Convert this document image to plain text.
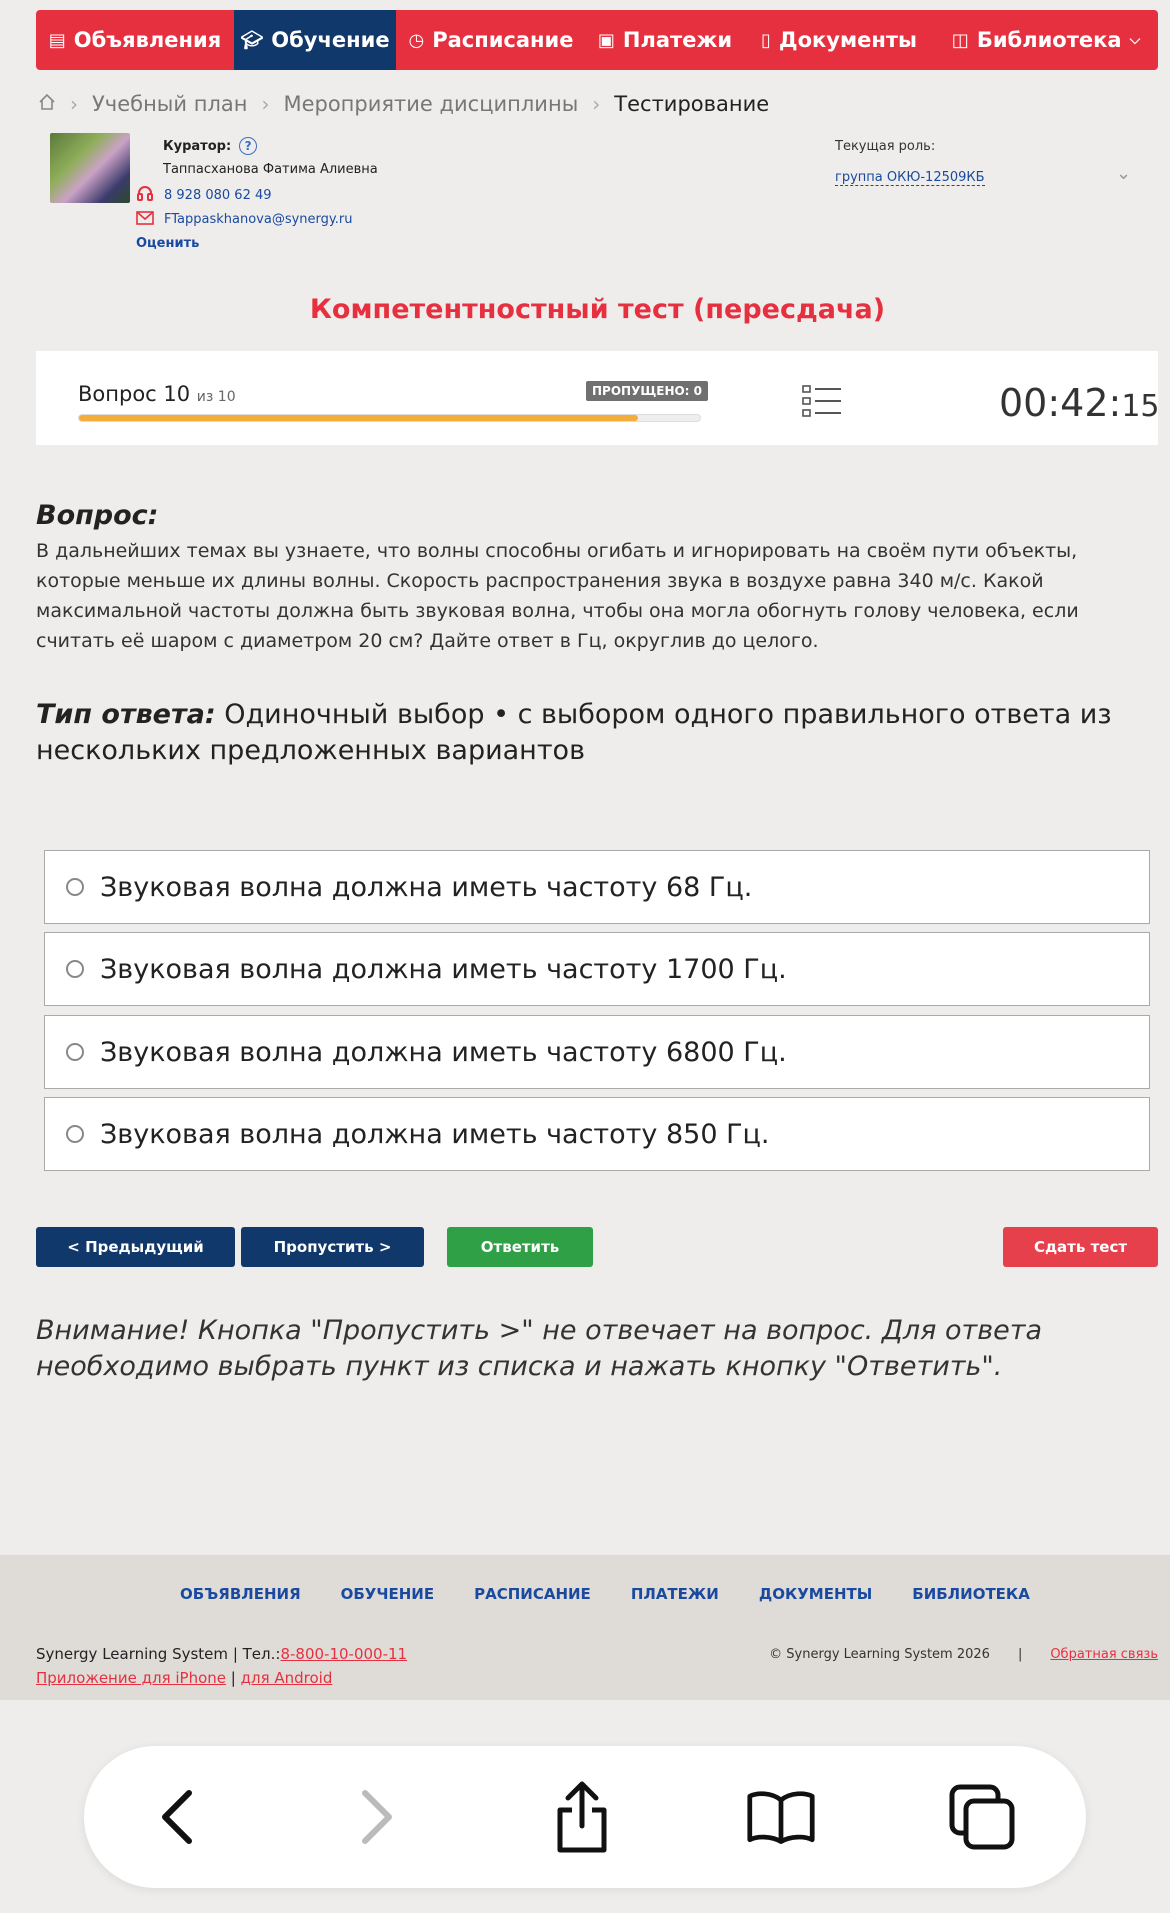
▤ Объявления 🎓︎ Обучение ◷ Расписание ▣ Платежи ▯ Документы ◫ Библиотека ⌵
› Учебный план › Мероприятие дисциплины › Тестирование
Куратор:	?
Таппасханова Фатима Алиевна
8 928 080 62 49
FTappaskhanova@synergy.ru
Оценить
Текущая роль:
группа ОКЮ-12509КБ	⌄
Компетентностный тест (пересдача)
Вопрос 10 из 10	ПРОПУЩЕНО: 0	00:42:15
Вопрос:
В дальнейших темах вы узнаете, что волны способны огибать и игнорировать на своём пути объекты, которые меньше их длины волны. Скорость распространения звука в воздухе равна 340 м/с. Какой максимальной частоты должна быть звуковая волна, чтобы она могла обогнуть голову человека, если считать её шаром с диаметром 20 см? Дайте ответ в Гц, округлив до целого.
Тип ответа: Одиночный выбор • с выбором одного правильного ответа из нескольких предложенных вариантов
Звуковая волна должна иметь частоту 68 Гц.
Звуковая волна должна иметь частоту 1700 Гц.
Звуковая волна должна иметь частоту 6800 Гц.
Звуковая волна должна иметь частоту 850 Гц.
< Предыдущий	Пропустить >	Ответить	Сдать тест
Внимание! Кнопка "Пропустить >" не отвечает на вопрос. Для ответа необходимо выбрать пункт из списка и нажать кнопку "Ответить".
ОБЪЯВЛЕНИЯ	ОБУЧЕНИЕ	РАСПИСАНИЕ	ПЛАТЕЖИ	ДОКУМЕНТЫ	БИБЛИОТЕКА
Synergy Learning System | Тел.:8-800-10-000-11
Приложение для iPhone | для Android
© Synergy Learning System 2026 | Обратная связь
